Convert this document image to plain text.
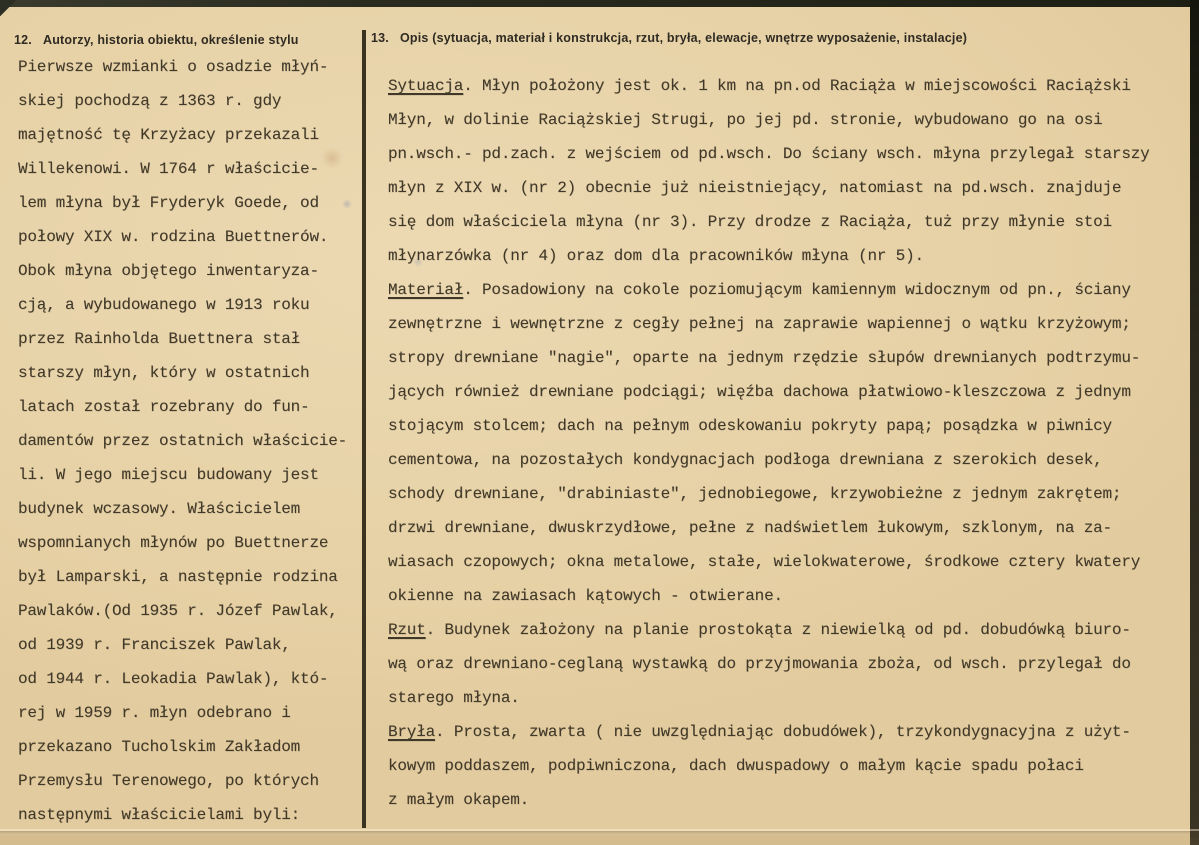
12. Autorzy, historia obiektu, określenie stylu	13. Opis (sytuacja, materiał i konstrukcja, rzut, bryła, elewacje, wnętrze wyposażenie, instalacje)
Pierwsze wzmianki o osadzie młyń-
skiej pochodzą z 1363 r. gdy
majętność tę Krzyżacy przekazali
Willekenowi. W 1764 r właścicie-
lem młyna był Fryderyk Goede, od
połowy XIX w. rodzina Buettnerów.
Obok młyna objętego inwentaryza-
cją, a wybudowanego w 1913 roku
przez Rainholda Buettnera stał
starszy młyn, który w ostatnich
latach został rozebrany do fun-
damentów przez ostatnich właścicie-
li. W jego miejscu budowany jest
budynek wczasowy. Właścicielem
wspomnianych młynów po Buettnerze
był Lamparski, a następnie rodzina
Pawlaków.(Od 1935 r. Józef Pawlak,
od 1939 r. Franciszek Pawlak,
od 1944 r. Leokadia Pawlak), któ-
rej w 1959 r. młyn odebrano i
przekazano Tucholskim Zakładom
Przemysłu Terenowego, po których
następnymi właścicielami byli:
Sytuacja. Młyn położony jest ok. 1 km na pn.od Raciąża w miejscowości Raciążski
Młyn, w dolinie Raciążskiej Strugi, po jej pd. stronie, wybudowano go na osi
pn.wsch.- pd.zach. z wejściem od pd.wsch. Do ściany wsch. młyna przylegał starszy
młyn z XIX w. (nr 2) obecnie już nieistniejący, natomiast na pd.wsch. znajduje
się dom właściciela młyna (nr 3). Przy drodze z Raciąża, tuż przy młynie stoi
młynarzówka (nr 4) oraz dom dla pracowników młyna (nr 5).
Materiał. Posadowiony na cokole poziomującym kamiennym widocznym od pn., ściany
zewnętrzne i wewnętrzne z cegły pełnej na zaprawie wapiennej o wątku krzyżowym;
stropy drewniane "nagie", oparte na jednym rzędzie słupów drewnianych podtrzymu-
jących również drewniane podciągi; więźba dachowa płatwiowo-kleszczowa z jednym
stojącym stolcem; dach na pełnym odeskowaniu pokryty papą; posądzka w piwnicy
cementowa, na pozostałych kondygnacjach podłoga drewniana z szerokich desek,
schody drewniane, "drabiniaste", jednobiegowe, krzywobieżne z jednym zakrętem;
drzwi drewniane, dwuskrzydłowe, pełne z nadświetlem łukowym, szklonym, na za-
wiasach czopowych; okna metalowe, stałe, wielokwaterowe, środkowe cztery kwatery
okienne na zawiasach kątowych - otwierane.
Rzut. Budynek założony na planie prostokąta z niewielką od pd. dobudówką biuro-
wą oraz drewniano-ceglaną wystawką do przyjmowania zboża, od wsch. przylegał do
starego młyna.
Bryła. Prosta, zwarta ( nie uwzględniając dobudówek), trzykondygnacyjna z użyt-
kowym poddaszem, podpiwniczona, dach dwuspadowy o małym kącie spadu połaci
z małym okapem.
